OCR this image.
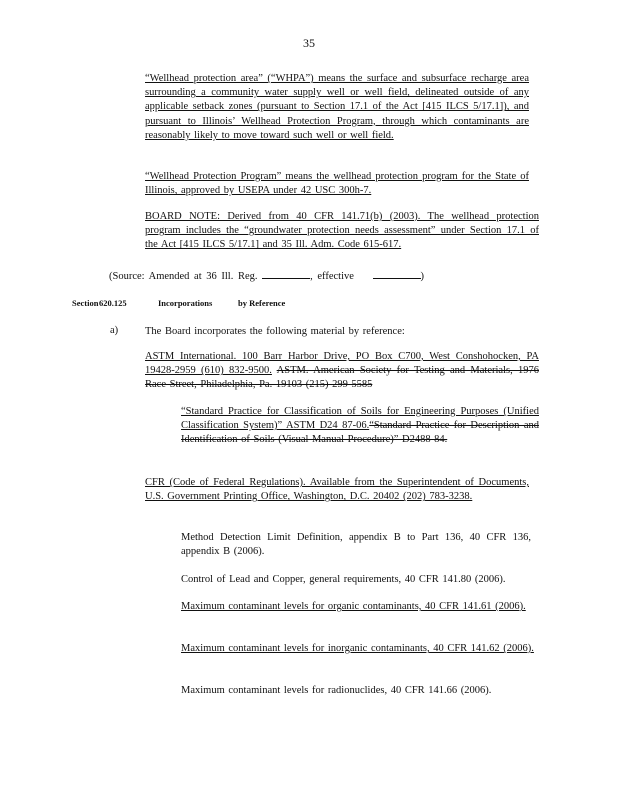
35

“Wellhead protection area” (“WHPA”) means the surface and subsurface recharge area surrounding a community water supply well or well field, delineated outside of any applicable setback zones (pursuant to Section 17.1 of the Act [415 ILCS 5/17.1]), and pursuant to Illinois’ Wellhead Protection Program, through which contaminants are reasonably likely to move toward such well or well field.

“Wellhead Protection Program” means the wellhead protection program for the State of Illinois, approved by USEPA under 42 USC 300h-7.

BOARD NOTE: Derived from 40 CFR 141.71(b) (2003). The wellhead protection program includes the “groundwater protection needs assessment” under Section 17.1 of the Act [415 ILCS 5/17.1] and 35 Ill. Adm. Code 615-617.

(Source: Amended at 36 Ill. Reg.	, effective	)
Section 620.125	Incorporations	by Reference
a)	The Board incorporates the following material by reference:

ASTM International. 100 Barr Harbor Drive, PO Box C700, West Conshohocken, PA 19428-2959 (610) 832-9500. ASTM. American Society for Testing and Materials, 1976 Race Street, Philadelphia, Pa. 19103 (215) 299-5585

“Standard Practice for Classification of Soils for Engineering Purposes (Unified Classification System)” ASTM D24 87-06.“Standard Practice for Description and Identification of Soils (Visual-Manual Procedure)” D2488-84.

CFR (Code of Federal Regulations). Available from the Superintendent of Documents, U.S. Government Printing Office, Washington, D.C. 20402 (202) 783-3238.

Method Detection Limit Definition, appendix B to Part 136, 40 CFR 136, appendix B (2006).

Control of Lead and Copper, general requirements, 40 CFR 141.80 (2006).

Maximum contaminant levels for organic contaminants, 40 CFR 141.61 (2006).

Maximum contaminant levels for inorganic contaminants, 40 CFR 141.62 (2006).

Maximum contaminant levels for radionuclides, 40 CFR 141.66 (2006).
